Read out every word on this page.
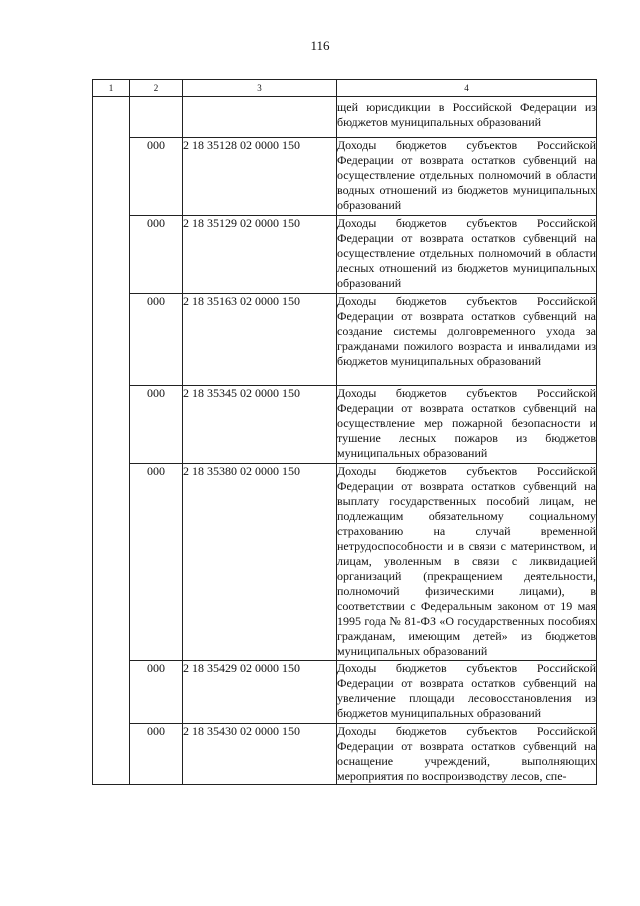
116
1	2	3	4
			щей юрисдикции в Российской Федерации из бюджетов муниципальных образований
	000	2 18 35128 02 0000 150	Доходы бюджетов субъектов Российской Федерации от возврата остатков субвенций на осуществление отдельных полномочий в области водных отношений из бюджетов муниципальных образований
	000	2 18 35129 02 0000 150	Доходы бюджетов субъектов Российской Федерации от возврата остатков субвенций на осуществление отдельных полномочий в области лесных отношений из бюджетов муниципальных образований
	000	2 18 35163 02 0000 150	Доходы бюджетов субъектов Российской Федерации от возврата остатков субвенций на создание системы долговременного ухода за гражданами пожилого возраста и инвалидами из бюджетов муниципальных образований
	000	2 18 35345 02 0000 150	Доходы бюджетов субъектов Российской Федерации от возврата остатков субвенций на осуществление мер пожарной безопасности и тушение лесных пожаров из бюджетов муниципальных образований
	000	2 18 35380 02 0000 150	Доходы бюджетов субъектов Российской Федерации от возврата остатков субвенций на выплату государственных пособий лицам, не подлежащим обязательному социальному страхованию на случай временной нетрудоспособности и в связи с материнством, и лицам, уволенным в связи с ликвидацией организаций (прекращением деятельности, полномочий физическими лицами), в соответствии с Федеральным законом от 19 мая 1995 года № 81-ФЗ «О государственных пособиях гражданам, имеющим детей» из бюджетов муниципальных образований
	000	2 18 35429 02 0000 150	Доходы бюджетов субъектов Российской Федерации от возврата остатков субвенций на увеличение площади лесовосстановления из бюджетов муниципальных образований
	000	2 18 35430 02 0000 150	Доходы бюджетов субъектов Российской Федерации от возврата остатков субвенций на оснащение учреждений, выполняющих мероприятия по воспроизводству лесов, спе-
